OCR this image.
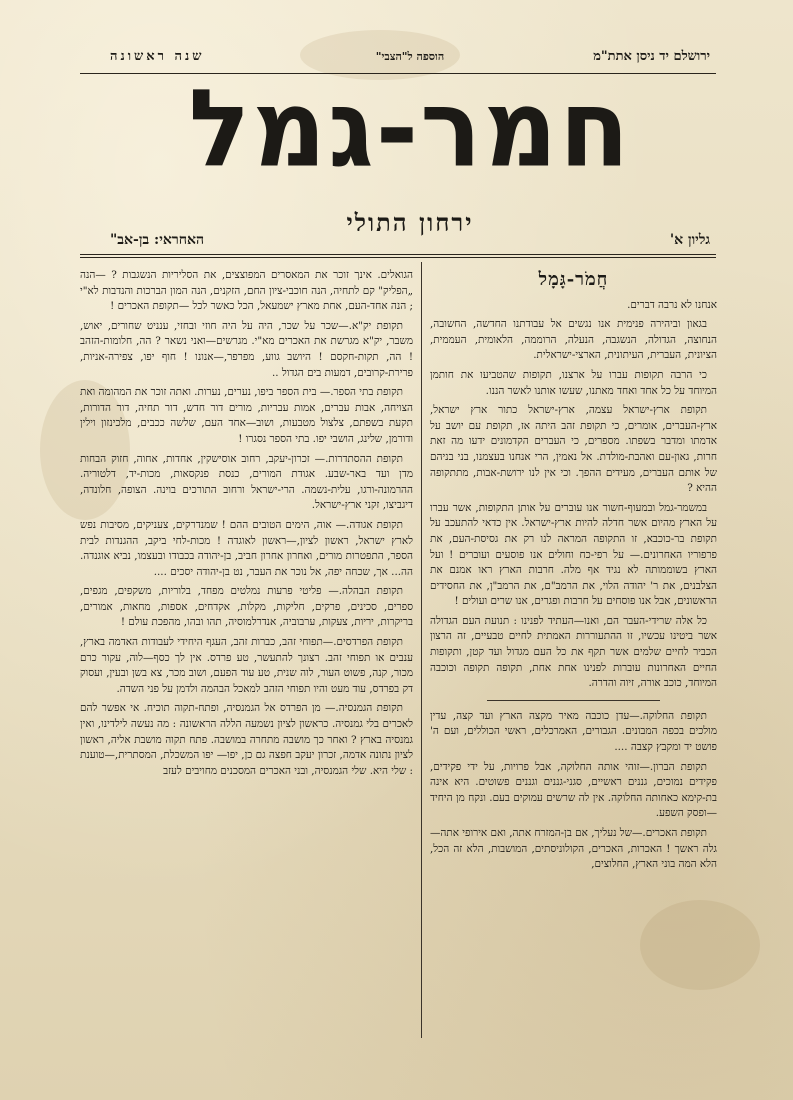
ירושלם יד ניסן אתת"מ
הוספה ל"הצבי"
שנה ראשונה
חמר-גמל
ירחון התולי
גליון א'
האחראי: בן-אב"
חֲמֹר-גָּמָל

אנחנו לא נרבה דברים.

בגאון וביהירה פנימית אנו נגשים אל עבודתנו החדשה, החשובה, הנחוצה, הגדולה, הנשגבה, הנעלה, הרוממה, הלאומית, העממית, הציונית, העברית, העיתונית, הארצי-ישראלית.

כי הרבה תקופות עברו על ארצנו, תקופות שהטביעו את חותמן המיוחד על כל אחד ואחד מאתנו, שעשו אותנו לאשר הננו.

תקופת ארץ-ישראל עצמה, ארץ-ישראל כתור ארץ ישראל, ארץ-העברים, אומרים, כי תקופת זהב היתה אז, תקופת עם יושב על אדמתו ומדבר בשפתו. מספרים, כי העברים הקדמונים ידעו מה זאת חרות, גאון-עם ואהבת-מולדת. אל נאמין, הרי אנחנו בעצמנו, בני בניהם של אותם העברים, מעידים ההפך. וכי אין לנו ירושת-אבות, מתתקופה ההיא ?

במשמר-גמל ובמעוף-חשור אנו עוברים על אותן התקופות, אשר עברו על הארץ מהיום אשר חדלה להיות ארץ-ישראל. אין כדאי להתעכב על תקופת בר-כוכבא, זו התקופה המראה לנו רק את גסיסת-העם, את פרפוריו האחרונים.— על רפי-כח וחולים אנו פוסעים ועוברים ! ועל הארץ בשוממותה לא נגיד אף מלה. חרבות הארץ ראו אמנם את הצלבנים, את ר' יהודה הלוי, את הרמב"ם, את הרמב"ן, את החסידים הראשונים, אבל אנו פוסחים על חרבות ופגרים, אנו שרים ועולים !

כל אלה שרידי-העבר הם, ואנו—העתיד לפנינו : תנועת העם הגדולה אשר ביטינו עכשיו, זו ההתעוררות האמתית לחיים טבעיים, זה הרצון הכביר לחיים שלמים אשר תקף את כל העם מגדול ועד קטן, ותקופות החיים האחרונות עוברות לפנינו אחת אחת, תקופה תקופה וכוכבה המיוחד, כוכב אורה, זיוה והדרה.

תקופת החלוקה.—עדן כוכבה מאיר מקצה הארץ ועד קצה, עדין מולכים בכפה המבונים. הגבורים, האמרכלים, ראשי הכוללים, ועם ה' פושט יד ומקבץ קצבה ....

תקופת הברון.—זוהי אותה החלוקה, אבל פרויות, על ידי פקידים, פקידים נמוכים, גננים ראשיים, סגני-גננים וגננים פשוטים. היא אינה בת-קימא כאחותה החלוקה. אין לה שרשים עמוקים בעם. ונקח מן היחיד—ופסק השפע.

תקופת האכרים.—של נעליך, אם בן-המזרח אתה, ואם אירופי אתה—גלה ראשך ! האכרות, האכרים, הקולוניסתים, המושבות, הלא זה הכל, הלא המה בוני הארץ, החלוצים,

הגואלים. אינך זוכר את המאסרים המפוצצים, את הסליריות הנשגבות ? —הנה „הפליק" קם לתחיה, הנה חוכבי-ציון החם, הזקנים, הנה המון הברכות והנדבות לא"י ; הנה אחד-העם, אחת מארץ ישמעאל, הכל כאשר לכל —תקופת האכרים !

תקופת יק"א.—שכר על שכר, היה על היה חוזי ובחזי, ענניט שחורים, יאוש, משבר, יק"א מגרשת את האכרים מא"י. מגרשים—ואני נשאר ? הה, חלומות-הזהב ! הה, תקות-חקסם ! היושב גווע, מפרפר,—אנונו ! חוף יפו, צפירה-אניות, פרירת-קרובים, דמעות בים הגדול ..

תקופת בתי הספר.— בית הספר ביפו, נערים, נערות. ואתה זוכר את המהומה ואת הצויחה, אבות עברים, אמות עבריות, מורים דור חדש, דור תחיה, דור הדורות, תקעת בשפתם, צלצול מטבעות, ושוב—אחד העם, שלשה ככבים, מלכינזון וילין ודורמן, שלינג, הושבי יפו. בתי הספר נסגרו !

תקופת ההסתדרות.— זכרון-יעקב, רחוב אוסישקין, אחדות, אחוה, חזוק הבחות מדן ועד באר-שבע. אגודת המורים, כנסת פנקסאות, מכות-יד, דלטוריה. ההרמונה-ורגו, עלית-נשמה. הרי-ישראל ורחוב התורכים בוינה. הצופה, חלונדה, דיגביצו, זקני ארץ-ישראל.

תקופת אגודה.— אוה, הימים הטובים ההם ! שמנדרקים, צעניקים, מסיבות נפש לארץ ישראל, ראשון לציון,—ראשון לאוגדה ! מכות-לחי ביקב, ההגנדות לבית הספר, התפטרות מורים, ואחרון אחרון חביב, בן-יהודה בכבודו ובעצמו, נביא אוגנדה. הה... אך, שכחה יפה, אל נוכר את העבר, נט בן-יהודה יסכים ....

תקופת הבהלה.— פליטי פרעות נמלטים מפחד, בלוריות, משקפים, מגפים, ספרים, סכינים, פרקים, חליקות, מקלות, אקדחים, אספות, מחאות, אמורים, בריקרות, יריות, צעקות, ערבוביה, אנדרלמוסיה, תהו ובהו, מהפכת עולם !

תקופת הפרדסים.—תפוחי זהב, כברות זהב, העגף היחידי לעבודות האדמה בארץ, ענבים או תפוחי זהב. רצונך להתעשר, טע פרדס. אין לך כסף—לוה, עקור כרם מכור, קנה, פשוט העור, לוה שנית, טע עוד הפעם, ושוב מכר, צא בשן ובעין, ועסוק דק בפרדס, עוד מעט והיו תפוחי הזהב למאכל הבהמה ולדמן על פני השדה.

תקופת הגמנסיה.— מן הפרדס אל הגמנסיה, ופתח-תקוה תוכיח. אי אפשר להם לאכרים בלי גמנסיה. כראשון לציון נשמעה הללה הראשונה : מה נעשה לילדינו, ואין גמנסיה בארץ ? ואחר כך מושבה מתחרה במושבה. פתח תקוה מושבת אליה, ראשון לציון נתונה אדמה, זכרון יעקב חפצה גם כן, יפו— יפו המשכלת, המסתרית,—טוענת : שלי היא. שלי הגמנסיה, ובני האכרים המסכנים מחויבים לעזב
